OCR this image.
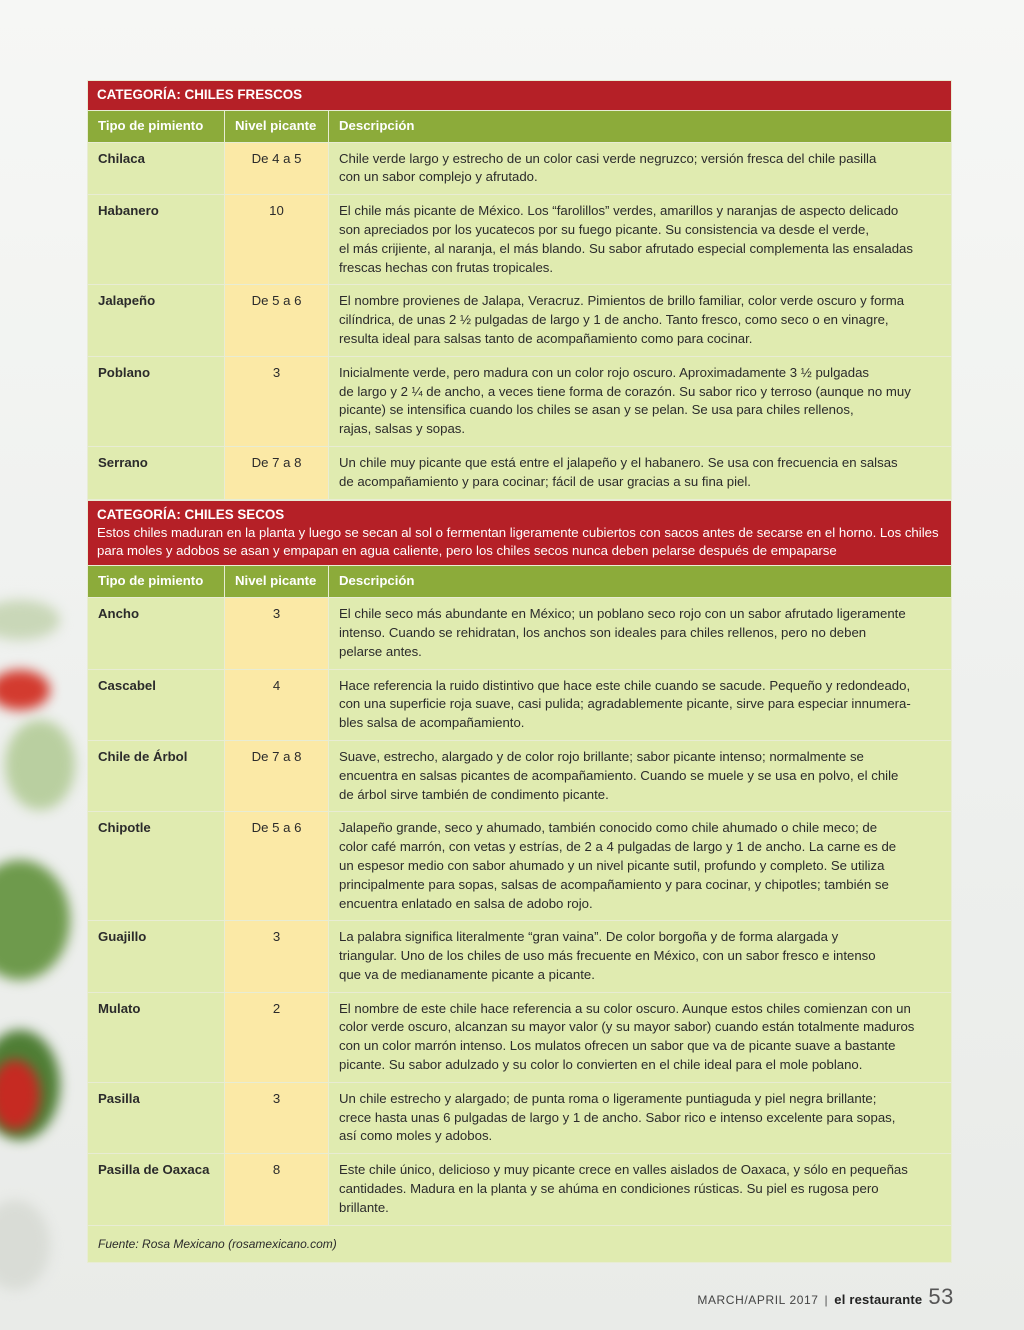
CATEGORÍA: CHILES FRESCOS		
Tipo de pimiento	Nivel picante	Descripción
Chilaca	De 4 a 5	Chile verde largo y estrecho de un color casi verde negruzco; versión fresca del chile pasilla
con un sabor complejo y afrutado.

Habanero	10	El chile más picante de México. Los “farolillos” verdes, amarillos y naranjas de aspecto delicado
son apreciados por los yucatecos por su fuego picante. Su consistencia va desde el verde,
el más crijiente, al naranja, el más blando. Su sabor afrutado especial complementa las ensaladas
frescas hechas con frutas tropicales.

Jalapeño	De 5 a 6	El nombre provienes de Jalapa, Veracruz. Pimientos de brillo familiar, color verde oscuro y forma
cilíndrica, de unas 2 ½ pulgadas de largo y 1 de ancho. Tanto fresco, como seco o en vinagre,
resulta ideal para salsas tanto de acompañamiento como para cocinar.

Poblano	3	Inicialmente verde, pero madura con un color rojo oscuro. Aproximadamente 3 ½ pulgadas
de largo y 2 ¼ de ancho, a veces tiene forma de corazón. Su sabor rico y terroso (aunque no muy
picante) se intensifica cuando los chiles se asan y se pelan. Se usa para chiles rellenos,
rajas, salsas y sopas.

Serrano	De 7 a 8	Un chile muy picante que está entre el jalapeño y el habanero. Se usa con frecuencia en salsas
de acompañamiento y para cocinar; fácil de usar gracias a su fina piel.
CATEGORÍA: CHILES SECOS
Estos chiles maduran en la planta y luego se secan al sol o fermentan ligeramente cubiertos con sacos antes de secarse en el horno. Los chiles para moles y adobos se asan y empapan en agua caliente, pero los chiles secos nunca deben pelarse después de empaparse		

Tipo de pimiento	Nivel picante	Descripción
Ancho	3	El chile seco más abundante en México; un poblano seco rojo con un sabor afrutado ligeramente
intenso. Cuando se rehidratan, los anchos son ideales para chiles rellenos, pero no deben
pelarse antes.

Cascabel	4	Hace referencia la ruido distintivo que hace este chile cuando se sacude. Pequeño y redondeado,
con una superficie roja suave, casi pulida; agradablemente picante, sirve para especiar innumera-
bles salsa de acompañamiento.

Chile de Árbol	De 7 a 8	Suave, estrecho, alargado y de color rojo brillante; sabor picante intenso; normalmente se
encuentra en salsas picantes de acompañamiento. Cuando se muele y se usa en polvo, el chile
de árbol sirve también de condimento picante.

Chipotle	De 5 a 6	Jalapeño grande, seco y ahumado, también conocido como chile ahumado o chile meco; de
color café marrón, con vetas y estrías, de 2 a 4 pulgadas de largo y 1 de ancho. La carne es de
un espesor medio con sabor ahumado y un nivel picante sutil, profundo y completo. Se utiliza
principalmente para sopas, salsas de acompañamiento y para cocinar, y chipotles; también se
encuentra enlatado en salsa de adobo rojo.

Guajillo	3	La palabra significa literalmente “gran vaina”. De color borgoña y de forma alargada y
triangular. Uno de los chiles de uso más frecuente en México, con un sabor fresco e intenso
que va de medianamente picante a picante.

Mulato	2	El nombre de este chile hace referencia a su color oscuro. Aunque estos chiles comienzan con un
color verde oscuro, alcanzan su mayor valor (y su mayor sabor) cuando están totalmente maduros
con un color marrón intenso. Los mulatos ofrecen un sabor que va de picante suave a bastante
picante. Su sabor adulzado y su color lo convierten en el chile ideal para el mole poblano.

Pasilla	3	Un chile estrecho y alargado; de punta roma o ligeramente puntiaguda y piel negra brillante;
crece hasta unas 6 pulgadas de largo y 1 de ancho. Sabor rico e intenso excelente para sopas,
así como moles y adobos.

Pasilla de Oaxaca	8	Este chile único, delicioso y muy picante crece en valles aislados de Oaxaca, y sólo en pequeñas
cantidades. Madura en la planta y se ahúma en condiciones rústicas. Su piel es rugosa pero
brillante.

Fuente: Rosa Mexicano (rosamexicano.com)		
MARCH/APRIL 2017 | el restaurante 53
